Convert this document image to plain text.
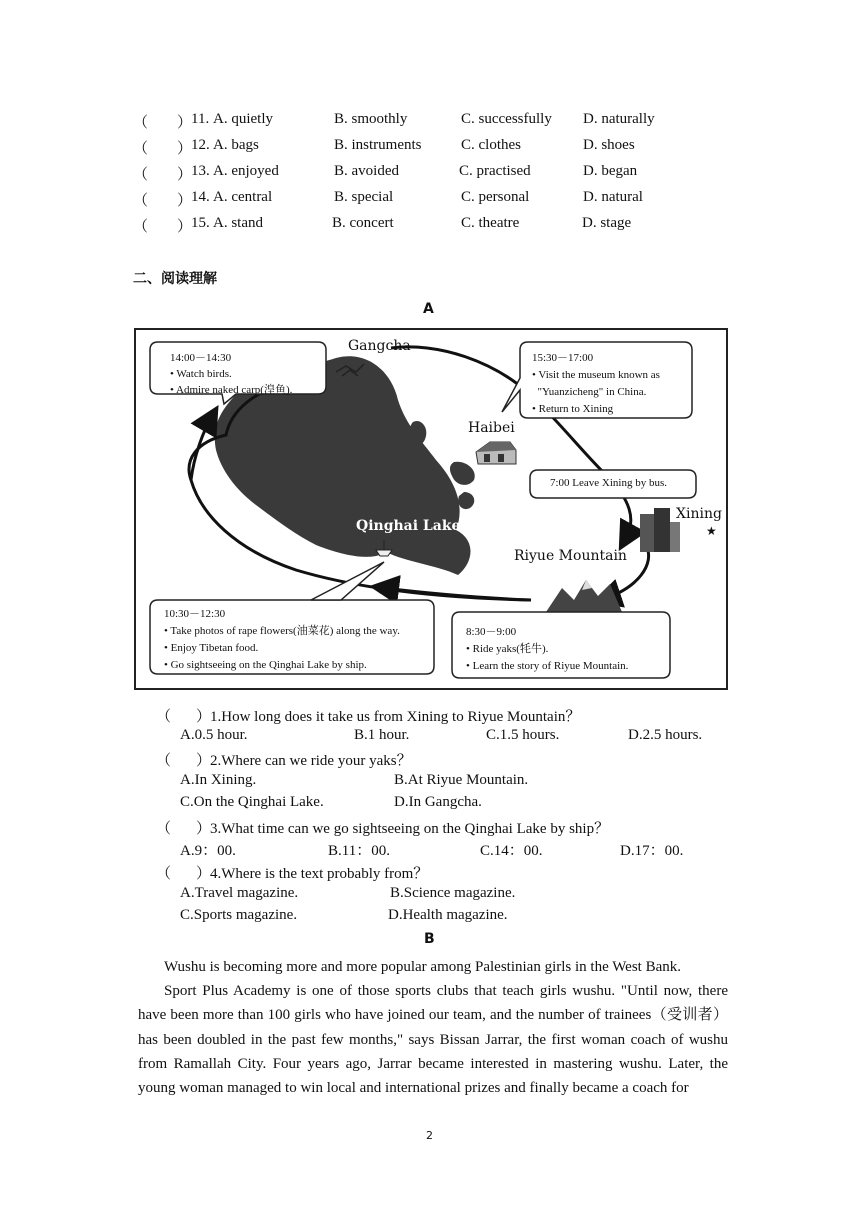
（ ）
11. A. quietly	B. smoothly	C. successfully D. naturally
（ ）
12. A. bags	B. instruments	C. clothes	D. shoes
（ ）
13. A. enjoyed	B. avoided	C. practised	D. began
（ ）
14. A. central	B. special	C. personal	D. natural
（ ）
15. A. stand	B. concert	C. theatre	D. stage
二、阅读理解
A
★
Gangcha
Haibei
Xining
Qinghai Lake
Riyue Mountain
14:00－14:30
• Watch birds.
• Admire naked carp(湟鱼).
15:30－17:00
• Visit the museum known as
"Yuanzicheng" in China.
• Return to Xining
7:00 Leave Xining by bus.
10:30－12:30
• Take photos of rape flowers(油菜花) along the way.
• Enjoy Tibetan food.
• Go sightseeing on the Qinghai Lake by ship.
8:30－9:00
• Ride yaks(牦牛).
• Learn the story of Riyue Mountain.
（ ）
1.How long does it take us from Xining to Riyue Mountain？
A.0.5 hour.	B.1 hour.	C.1.5 hours.	D.2.5 hours.
（ ）
2.Where can we ride your yaks？
A.In Xining.	B.At Riyue Mountain.
C.On the Qinghai Lake.	D.In Gangcha.
（ ）
3.What time can we go sightseeing on the Qinghai Lake by ship？
A.9：00.	B.11：00.	C.14：00.	D.17：00.
（ ）
4.Where is the text probably from？
A.Travel magazine.	B.Science magazine.
C.Sports magazine.	D.Health magazine.
B
Wushu is becoming more and more popular among Palestinian girls in the West Bank.
Sport Plus Academy is one of those sports clubs that teach girls wushu. "Until now, there have been more than 100 girls who have joined our team, and the number of trainees（受训者）has been doubled in the past few months," says Bissan Jarrar, the first woman coach of wushu from Ramallah City. Four years ago, Jarrar became interested in mastering wushu. Later, the young woman managed to win local and international prizes and finally became a coach for
2
